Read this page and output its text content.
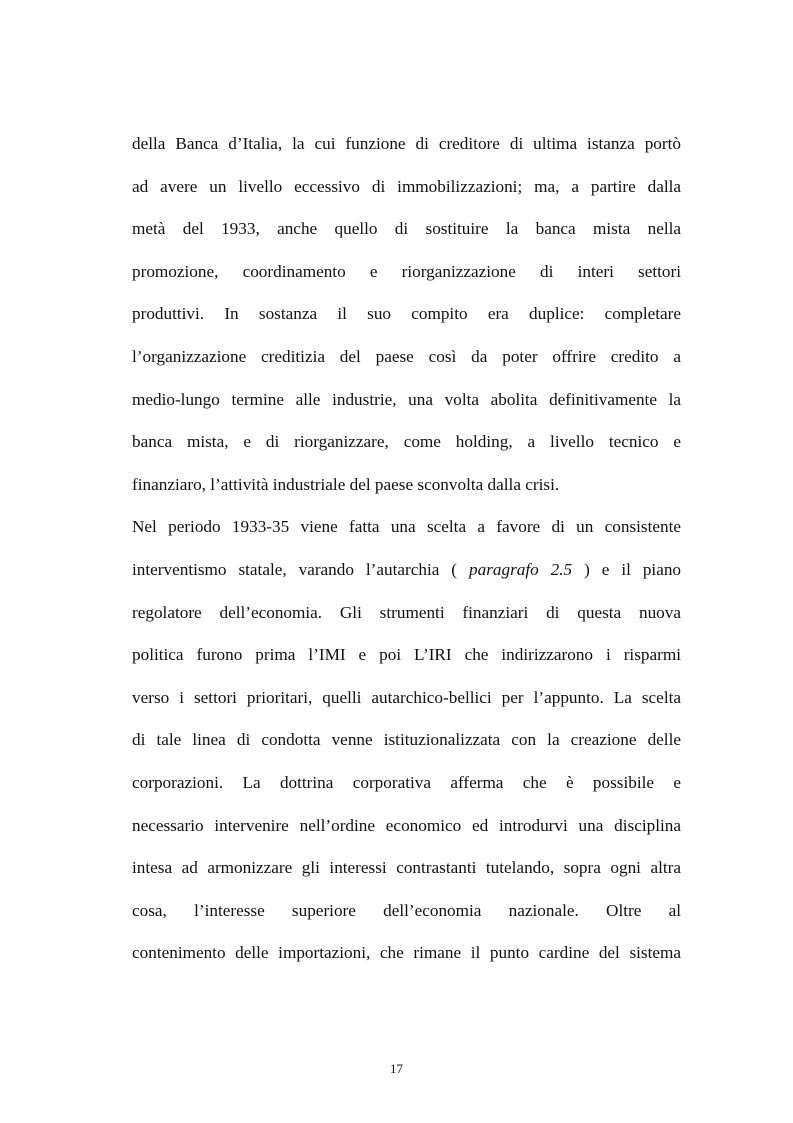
della Banca d’Italia, la cui funzione di creditore di ultima istanza portò
ad avere un livello eccessivo di immobilizzazioni; ma, a partire dalla
metà del 1933, anche quello di sostituire la banca mista nella
promozione, coordinamento e riorganizzazione di interi settori
produttivi. In sostanza il suo compito era duplice: completare
l’organizzazione creditizia del paese così da poter offrire credito a
medio-lungo termine alle industrie, una volta abolita definitivamente la
banca mista, e di riorganizzare, come holding, a livello tecnico e
finanziaro, l’attività industriale del paese sconvolta dalla crisi.
Nel periodo 1933-35 viene fatta una scelta a favore di un consistente
interventismo statale, varando l’autarchia ( paragrafo 2.5 ) e il piano
regolatore dell’economia. Gli strumenti finanziari di questa nuova
politica furono prima l’IMI e poi L’IRI che indirizzarono i risparmi
verso i settori prioritari, quelli autarchico-bellici per l’appunto. La scelta
di tale linea di condotta venne istituzionalizzata con la creazione delle
corporazioni. La dottrina corporativa afferma che è possibile e
necessario intervenire nell’ordine economico ed introdurvi una disciplina
intesa ad armonizzare gli interessi contrastanti tutelando, sopra ogni altra
cosa, l’interesse superiore dell’economia nazionale. Oltre al
contenimento delle importazioni, che rimane il punto cardine del sistema
17
